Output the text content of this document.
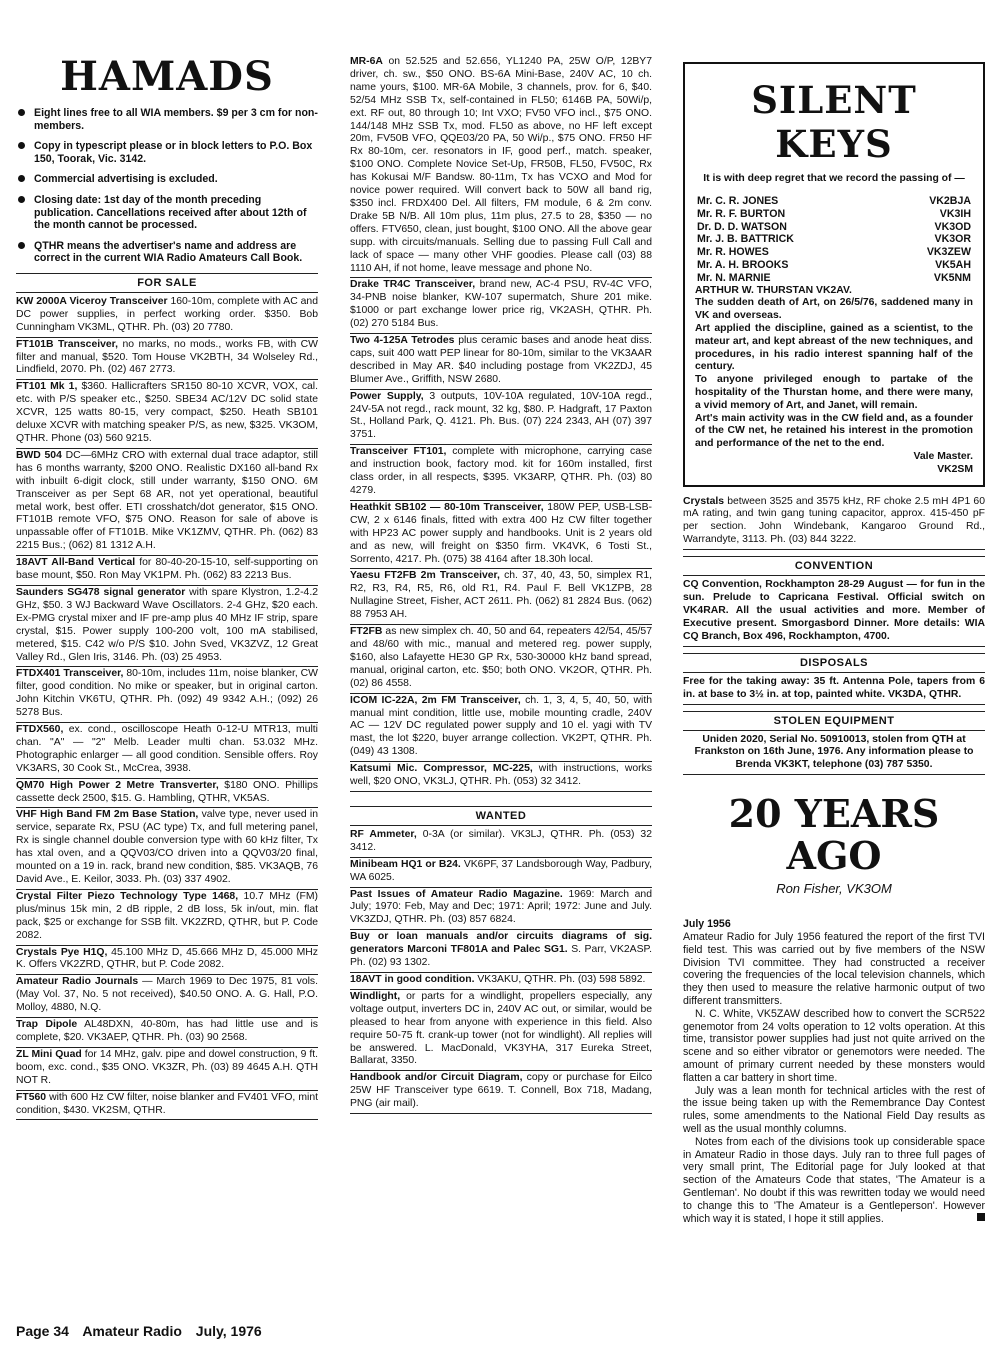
HAMADS
Eight lines free to all WIA members. $9 per 3 cm for non-members.
Copy in typescript please or in block letters to P.O. Box 150, Toorak, Vic. 3142.
Commercial advertising is excluded.
Closing date: 1st day of the month preceding publication. Cancellations received after about 12th of the month cannot be processed.
QTHR means the advertiser's name and address are correct in the current WIA Radio Amateurs Call Book.
FOR SALE
KW 2000A Viceroy Transceiver 160-10m, complete with AC and DC power supplies, in perfect working order. $350. Bob Cunningham VK3ML, QTHR. Ph. (03) 20 7780.
FT101B Transceiver, no marks, no mods., works FB, with CW filter and manual, $520. Tom House VK2BTH, 34 Wolseley Rd., Lindfield, 2070. Ph. (02) 467 2773.
FT101 Mk 1, $360. Hallicrafters SR150 80-10 XCVR, VOX, cal. etc. with P/S speaker etc., $250. SBE34 AC/12V DC solid state XCVR, 125 watts 80-15, very compact, $250. Heath SB101 deluxe XCVR with matching speaker P/S, as new, $325. VK3OM, QTHR. Phone (03) 560 9215.
BWD 504 DC—6MHz CRO with external dual trace adaptor, still has 6 months warranty, $200 ONO. Realistic DX160 all-band Rx with inbuilt 6-digit clock, still under warranty, $150 ONO. 6M Transceiver as per Sept 68 AR, not yet operational, beautiful metal work, best offer. ETI crosshatch/dot generator, $15 ONO. FT101B remote VFO, $75 ONO. Reason for sale of above is unpassable offer of FT101B. Mike VK1ZMV, QTHR. Ph. (062) 83 2215 Bus.; (062) 81 1312 A.H.
18AVT All-Band Vertical for 80-40-20-15-10, self-supporting on base mount, $50. Ron May VK1PM. Ph. (062) 83 2213 Bus.
Saunders SG478 signal generator with spare Klystron, 1.2-4.2 GHz, $50. 3 WJ Backward Wave Oscillators. 2-4 GHz, $20 each. Ex-PMG crystal mixer and IF pre-amp plus 40 MHz IF strip, spare crystal, $15. Power supply 100-200 volt, 100 mA stabilised, metered, $15. C42 w/o P/S $10. John Sved, VK3ZVZ, 12 Great Valley Rd., Glen Iris, 3146. Ph. (03) 25 4953.
FTDX401 Transceiver, 80-10m, includes 11m, noise blanker, CW filter, good condition. No mike or speaker, but in original carton. John Kitchin VK6TU, QTHR. Ph. (092) 49 9342 A.H.; (092) 26 5278 Bus.
FTDX560, ex. cond., oscilloscope Heath 0-12-U MTR13, multi chan. "A" — "2" Melb. Leader multi chan. 53.032 MHz. Photographic enlarger — all good condition. Sensible offers. Roy VK3ARS, 30 Cook St., McCrea, 3938.
QM70 High Power 2 Metre Transverter, $180 ONO. Phillips cassette deck 2500, $15. G. Hambling, QTHR, VK5AS.
VHF High Band FM 2m Base Station, valve type, never used in service, separate Rx, PSU (AC type) Tx, and full metering panel, Rx is single channel double conversion type with 60 kHz filter, Tx has xtal oven, and a QQV03/CO driven into a QQV03/20 final, mounted on a 19 in. rack, brand new condition, $85. VK3AQB, 76 David Ave., E. Keilor, 3033. Ph. (03) 337 4902.
Crystal Filter Piezo Technology Type 1468, 10.7 MHz (FM) plus/minus 15k min, 2 dB ripple, 2 dB loss, 5k in/out, min. flat pack, $25 or exchange for SSB filt. VK2ZRD, QTHR, but P. Code 2082.
Crystals Pye H1Q, 45.100 MHz D, 45.666 MHz D, 45.000 MHz K. Offers VK2ZRD, QTHR, but P. Code 2082.
Amateur Radio Journals — March 1969 to Dec 1975, 81 vols. (May Vol. 37, No. 5 not received), $40.50 ONO. A. G. Hall, P.O. Molloy, 4880, N.Q.
Trap Dipole AL48DXN, 40-80m, has had little use and is complete, $20. VK3AEP, QTHR. Ph. (03) 90 2568.
ZL Mini Quad for 14 MHz, galv. pipe and dowel construction, 9 ft. boom, exc. cond., $35 ONO. VK3ZR, Ph. (03) 89 4645 A.H. QTH NOT R.
FT560 with 600 Hz CW filter, noise blanker and FV401 VFO, mint condition, $430. VK2SM, QTHR.
MR-6A on 52.525 and 52.656, YL1240 PA, 25W O/P, 12BY7 driver, ch. sw., $50 ONO. BS-6A Mini-Base, 240V AC, 10 ch. name yours, $100. MR-6A Mobile, 3 channels, prov. for 6, $40. 52/54 MHz SSB Tx, self-contained in FL50; 6146B PA, 50Wi/p, ext. RF out, 80 through 10; Int VXO; FV50 VFO incl., $75 ONO. 144/148 MHz SSB Tx, mod. FL50 as above, no HF left except 20m, FV50B VFO, QQE03/20 PA, 50 Wi/p., $75 ONO. FR50 HF Rx 80-10m, cer. resonators in IF, good perf., match. speaker, $100 ONO. Complete Novice Set-Up, FR50B, FL50, FV50C, Rx has Kokusai M/F Bandsw. 80-11m, Tx has VCXO and Mod for novice power required. Will convert back to 50W all band rig, $350 incl. FRDX400 Del. All filters, FM module, 6 & 2m conv. Drake 5B N/B. All 10m plus, 11m plus, 27.5 to 28, $350 — no offers. FTV650, clean, just bought, $100 ONO. All the above gear supp. with circuits/manuals. Selling due to passing Full Call and lack of space — many other VHF goodies. Please call (03) 88 1110 AH, if not home, leave message and phone No.
Drake TR4C Transceiver, brand new, AC-4 PSU, RV-4C VFO, 34-PNB noise blanker, KW-107 supermatch, Shure 201 mike. $1000 or part exchange lower price rig, VK2ASH, QTHR. Ph. (02) 270 5184 Bus.
Two 4-125A Tetrodes plus ceramic bases and anode heat diss. caps, suit 400 watt PEP linear for 80-10m, similar to the VK3AAR described in May AR. $40 including postage from VK2ZDJ, 45 Blumer Ave., Griffith, NSW 2680.
Power Supply, 3 outputs, 10V-10A regulated, 10V-10A regd., 24V-5A not regd., rack mount, 32 kg, $80. P. Hadgraft, 17 Paxton St., Holland Park, Q. 4121. Ph. Bus. (07) 224 2343, AH (07) 397 3751.
Transceiver FT101, complete with microphone, carrying case and instruction book, factory mod. kit for 160m installed, first class order, in all respects, $395. VK3ARP, QTHR. Ph. (03) 80 4279.
Heathkit SB102 — 80-10m Transceiver, 180W PEP, USB-LSB-CW, 2 x 6146 finals, fitted with extra 400 Hz CW filter together with HP23 AC power supply and handbooks. Unit is 2 years old and as new, will freight on $350 firm. VK4VK, 6 Tosti St., Sorrento, 4217. Ph. (075) 38 4164 after 18.30h local.
Yaesu FT2FB 2m Transceiver, ch. 37, 40, 43, 50, simplex R1, R2, R3, R4, R5, R6, old R1, R4. Paul F. Bell VK1ZPB, 28 Nullagine Street, Fisher, ACT 2611. Ph. (062) 81 2824 Bus. (062) 88 7953 AH.
FT2FB as new simplex ch. 40, 50 and 64, repeaters 42/54, 45/57 and 48/60 with mic., manual and metered reg. power supply, $160, also Lafayette HE30 GP Rx, 530-30000 kHz band spread, manual, original carton, etc. $50; both ONO. VK2OR, QTHR. Ph. (02) 86 4558.
ICOM IC-22A, 2m FM Transceiver, ch. 1, 3, 4, 5, 40, 50, with manual mint condition, little use, mobile mounting cradle, 240V AC — 12V DC regulated power supply and 10 el. yagi with TV mast, the lot $220, buyer arrange collection. VK2PT, QTHR. Ph. (049) 43 1308.
Katsumi Mic. Compressor, MC-225, with instructions, works well, $20 ONO, VK3LJ, QTHR. Ph. (053) 32 3412.
WANTED
RF Ammeter, 0-3A (or similar). VK3LJ, QTHR. Ph. (053) 32 3412.
Minibeam HQ1 or B24. VK6PF, 37 Landsborough Way, Padbury, WA 6025.
Past Issues of Amateur Radio Magazine. 1969: March and July; 1970: Feb, May and Dec; 1971: April; 1972: June and July. VK3ZDJ, QTHR. Ph. (03) 857 6824.
Buy or loan manuals and/or circuits diagrams of sig. generators Marconi TF801A and Palec SG1. S. Parr, VK2ASP. Ph. (02) 93 1302.
18AVT in good condition. VK3AKU, QTHR. Ph. (03) 598 5892.
Windlight, or parts for a windlight, propellers especially, any voltage output, inverters DC in, 240V AC out, or similar, would be pleased to hear from anyone with experience in this field. Also require 50-75 ft. crank-up tower (not for windlight). All replies will be answered. L. MacDonald, VK3YHA, 317 Eureka Street, Ballarat, 3350.
Handbook and/or Circuit Diagram, copy or purchase for Eilco 25W HF Transceiver type 6619. T. Connell, Box 718, Madang, PNG (air mail).
SILENT KEYS
It is with deep regret that we record the passing of —
Mr. C. R. JONES	VK2BJA
Mr. R. F. BURTON	VK3IH
Dr. D. D. WATSON	VK3OD
Mr. J. B. BATTRICK	VK3OR
Mr. R. HOWES	VK3ZEW
Mr. A. H. BROOKS	VK5AH
Mr. N. MARNIE	VK5NM
ARTHUR W. THURSTAN VK2AV.
The sudden death of Art, on 26/5/76, saddened many in VK and overseas.
Art applied the discipline, gained as a scientist, to the mateur art, and kept abreast of the new techniques, and procedures, in his radio interest spanning half of the century.
To anyone privileged enough to partake of the hospitality of the Thurstan home, and there were many, a vivid memory of Art, and Janet, will remain.
Art's main activity was in the CW field and, as a founder of the CW net, he retained his interest in the promotion and performance of the net to the end.
Vale Master.
VK2SM
Crystals between 3525 and 3575 kHz, RF choke 2.5 mH 4P1 60 mA rating, and twin gang tuning capacitor, approx. 415-450 pF per section. John Windebank, Kangaroo Ground Rd., Warrandyte, 3113. Ph. (03) 844 3222.
CONVENTION
CQ Convention, Rockhampton 28-29 August — for fun in the sun. Prelude to Capricana Festival. Official switch on VK4RAR. All the usual activities and more. Member of Executive present. Smorgasbord Dinner. More details: WIA CQ Branch, Box 496, Rockhampton, 4700.
DISPOSALS
Free for the taking away: 35 ft. Antenna Pole, tapers from 6 in. at base to 3½ in. at top, painted white. VK3DA, QTHR.
STOLEN EQUIPMENT
Uniden 2020, Serial No. 50910013, stolen from QTH at Frankston on 16th June, 1976. Any information please to Brenda VK3KT, telephone (03) 787 5350.
20 YEARS AGO
Ron Fisher, VK3OM

July 1956

Amateur Radio for July 1956 featured the report of the first TVI field test. This was carried out by five members of the NSW Division TVI committee. They had constructed a receiver covering the frequencies of the local television channels, which they then used to measure the relative harmonic output of two different transmitters.

N. C. White, VK5ZAW described how to convert the SCR522 genemotor from 24 volts operation to 12 volts operation. At this time, transistor power supplies had just not quite arrived on the scene and so either vibrator or genemotors were needed. The amount of primary current needed by these monsters would flatten a car battery in short time.

July was a lean month for technical articles with the rest of the issue being taken up with the Remembrance Day Contest rules, some amendments to the National Field Day results as well as the usual monthly columns.

Notes from each of the divisions took up considerable space in Amateur Radio in those days. July ran to three full pages of very small print, The Editorial page for July looked at that section of the Amateurs Code that states, 'The Amateur is a Gentleman'. No doubt if this was rewritten today we would need to change this to 'The Amateur is a Gentleperson'. However which way it is stated, I hope it still applies.

Page 34 Amateur Radio July, 1976
